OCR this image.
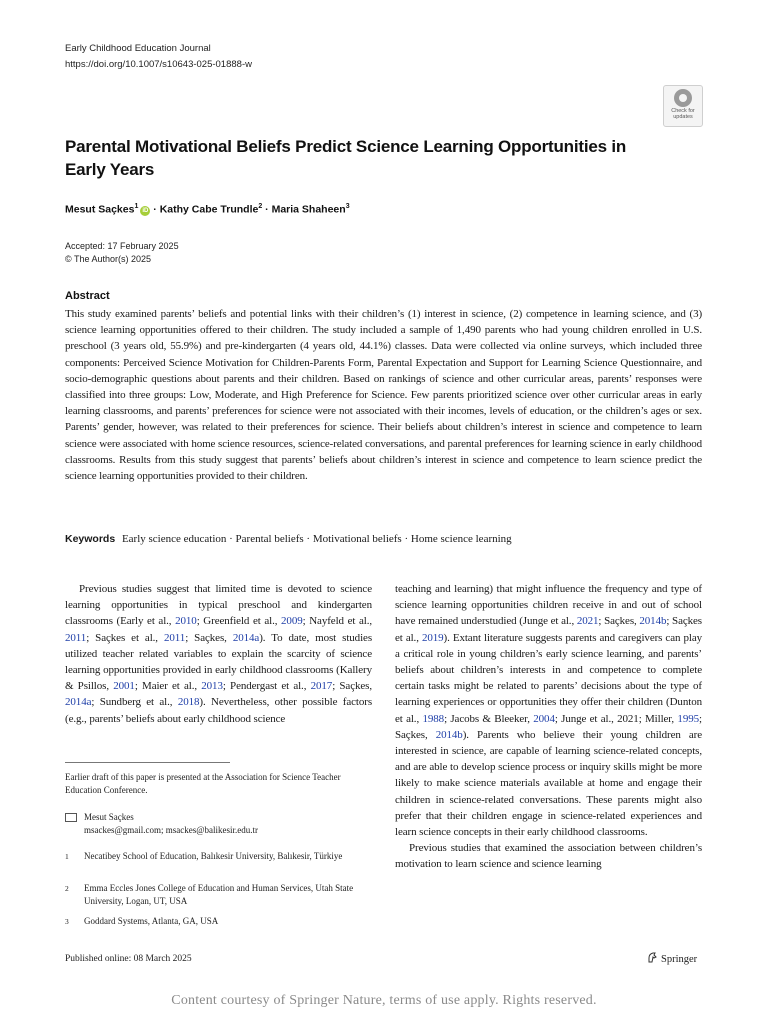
Early Childhood Education Journal
https://doi.org/10.1007/s10643-025-01888-w
Check for
updates
Parental Motivational Beliefs Predict Science Learning Opportunities in Early Years
Mesut Saçkes$^1$iD · Kathy Cabe Trundle$^2$ · Maria Shaheen$^3$
Accepted: 17 February 2025
© The Author(s) 2025
Abstract
This study examined parents’ beliefs and potential links with their children’s (1) interest in science, (2) competence in learning science, and (3) science learning opportunities offered to their children. The study included a sample of 1,490 parents who had young children enrolled in U.S. preschool (3 years old, 55.9%) and pre-kindergarten (4 years old, 44.1%) classes. Data were collected via online surveys, which included three components: Perceived Science Motivation for Children-Parents Form, Parental Expectation and Support for Learning Science Questionnaire, and socio-demographic questions about parents and their children. Based on rankings of science and other curricular areas, parents’ responses were classified into three groups: Low, Moderate, and High Preference for Science. Few parents prioritized science over other curricular areas in early learning classrooms, and parents’ preferences for science were not associated with their incomes, levels of education, or the children’s ages or sex. Parents’ gender, however, was related to their preferences for science. Their beliefs about children’s interest in science and competence to learn science were associated with home science resources, science-related conversations, and parental preferences for learning science in early childhood classrooms. Results from this study suggest that parents’ beliefs about children’s interest in science and competence to learn science predict the science learning opportunities provided to their children.
Keywords Early science education · Parental beliefs · Motivational beliefs · Home science learning
Previous studies suggest that limited time is devoted to science learning opportunities in typical preschool and kindergarten classrooms (Early et al., 2010; Greenfield et al., 2009; Nayfeld et al., 2011; Saçkes et al., 2011; Saçkes, 2014a). To date, most studies utilized teacher related variables to explain the scarcity of science learning opportunities provided in early childhood classrooms (Kallery & Psillos, 2001; Maier et al., 2013; Pendergast et al., 2017; Saçkes, 2014a; Sundberg et al., 2018). Nevertheless, other possible factors (e.g., parents’ beliefs about early childhood science
Earlier draft of this paper is presented at the Association for Science Teacher Education Conference.
Mesut Saçkes
msackes@gmail.com; msackes@balikesir.edu.tr
1 Necatibey School of Education, Balıkesir University, Balıkesir, Türkiye
2 Emma Eccles Jones College of Education and Human Services, Utah State University, Logan, UT, USA
3 Goddard Systems, Atlanta, GA, USA
teaching and learning) that might influence the frequency and type of science learning opportunities children receive in and out of school have remained understudied (Junge et al., 2021; Saçkes, 2014b; Saçkes et al., 2019). Extant literature suggests parents and caregivers can play a critical role in young children’s early science learning, and parents’ beliefs about children’s interests in and competence to complete certain tasks might be related to parents’ decisions about the type of learning experiences or opportunities they offer their children (Dunton et al., 1988; Jacobs & Bleeker, 2004; Junge et al., 2021; Miller, 1995; Saçkes, 2014b). Parents who believe their young children are interested in science, are capable of learning science-related concepts, and are able to develop science process or inquiry skills might be more likely to make science materials available at home and engage their children in science-related conversations. These parents might also prefer that their children engage in science-related experiences and learn science concepts in their early childhood classrooms.
Previous studies that examined the association between children’s motivation to learn science and science learning
Published online: 08 March 2025	Springer
Content courtesy of Springer Nature, terms of use apply. Rights reserved.
